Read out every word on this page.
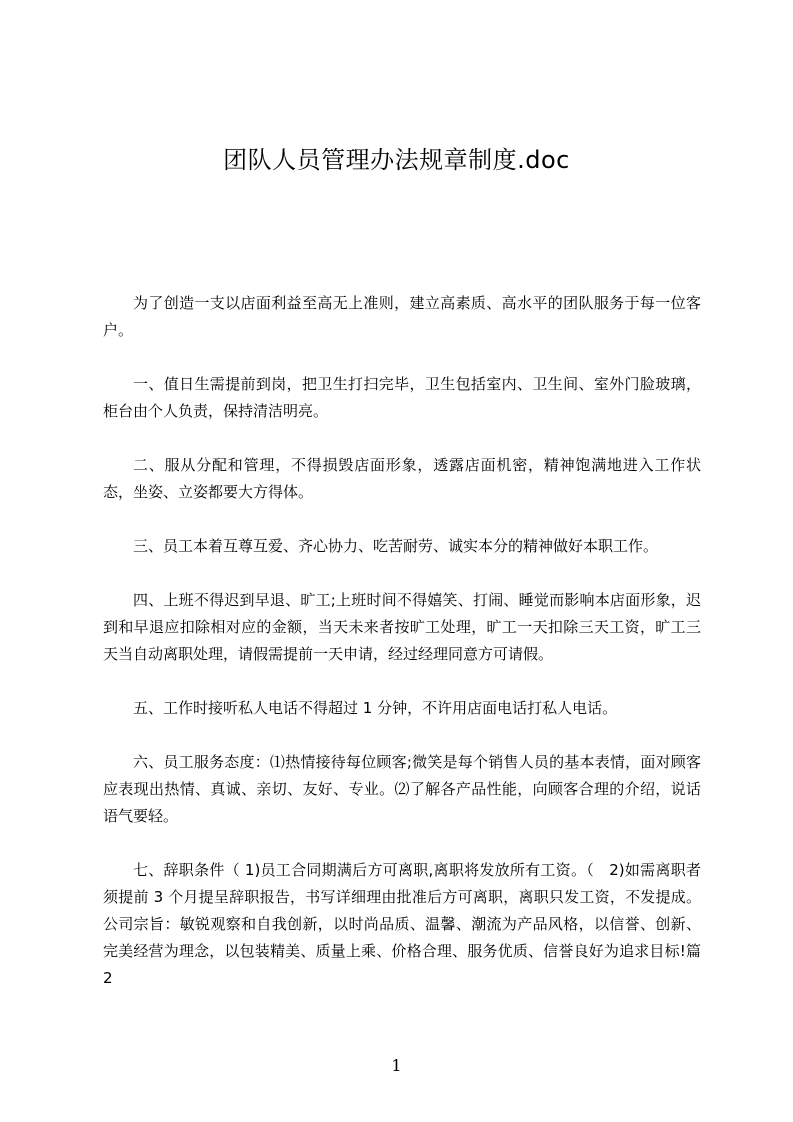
团队人员管理办法规章制度.doc

为了创造一支以店面利益至高无上准则，建立高素质、高水平的团队服务于每一位客户。

一、值日生需提前到岗，把卫生打扫完毕，卫生包括室内、卫生间、室外门脸玻璃，柜台由个人负责，保持清洁明亮。

二、服从分配和管理，不得损毁店面形象，透露店面机密，精神饱满地进入工作状态，坐姿、立姿都要大方得体。

三、员工本着互尊互爱、齐心协力、吃苦耐劳、诚实本分的精神做好本职工作。

四、上班不得迟到早退、旷工;上班时间不得嬉笑、打闹、睡觉而影响本店面形象，迟到和早退应扣除相对应的金额，当天未来者按旷工处理，旷工一天扣除三天工资，旷工三天当自动离职处理，请假需提前一天申请，经过经理同意方可请假。

五、工作时接听私人电话不得超过 1 分钟，不许用店面电话打私人电话。

六、员工服务态度：⑴热情接待每位顾客;微笑是每个销售人员的基本表情，面对顾客应表现出热情、真诚、亲切、友好、专业。⑵了解各产品性能，向顾客合理的介绍，说话语气要轻。

七、辞职条件（ 1)员工合同期满后方可离职,离职将发放所有工资。（　2)如需离职者须提前 3 个月提呈辞职报告，书写详细理由批准后方可离职，离职只发工资，不发提成。公司宗旨：敏锐观察和自我创新，以时尚品质、温馨、潮流为产品风格，以信誉、创新、完美经营为理念，以包装精美、质量上乘、价格合理、服务优质、信誉良好为追求目标!篇 2

1
